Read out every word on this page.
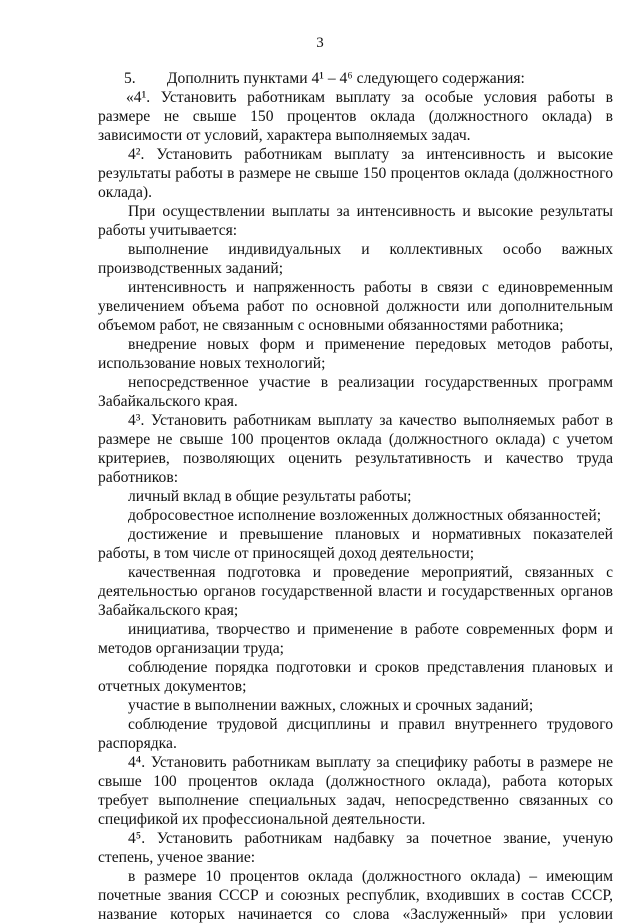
3

5.        Дополнить пунктами 4¹ – 4⁶ следующего содержания:

«4¹. Установить работникам выплату за особые условия работы в размере не свыше 150 процентов оклада (должностного оклада) в зависимости от условий, характера выполняемых задач.

4². Установить работникам выплату за интенсивность и высокие результаты работы в размере не свыше 150 процентов оклада (должностного оклада).

При осуществлении выплаты за интенсивность и высокие результаты работы учитывается:

выполнение индивидуальных и коллективных особо важных производственных заданий;

интенсивность и напряженность работы в связи с единовременным увеличением объема работ по основной должности или дополнительным объемом работ, не связанным с основными обязанностями работника;

внедрение новых форм и применение передовых методов работы, использование новых технологий;

непосредственное участие в реализации государственных программ Забайкальского края.

4³. Установить работникам выплату за качество выполняемых работ в размере не свыше 100 процентов оклада (должностного оклада) с учетом критериев, позволяющих оценить результативность и качество труда работников:

личный вклад в общие результаты работы;

добросовестное исполнение возложенных должностных обязанностей;

достижение и превышение плановых и нормативных показателей работы, в том числе от приносящей доход деятельности;

качественная подготовка и проведение мероприятий, связанных с деятельностью органов государственной власти и государственных органов Забайкальского края;

инициатива, творчество и применение в работе современных форм и методов организации труда;

соблюдение порядка подготовки и сроков представления плановых и отчетных документов;

участие в выполнении важных, сложных и срочных заданий;

соблюдение трудовой дисциплины и правил внутреннего трудового распорядка.

4⁴. Установить работникам выплату за специфику работы в размере не свыше 100 процентов оклада (должностного оклада), работа которых требует выполнение специальных задач, непосредственно связанных со спецификой их профессиональной деятельности.

4⁵. Установить работникам надбавку за почетное звание, ученую степень, ученое звание:

в размере 10 процентов оклада (должностного оклада) – имеющим почетные звания СССР и союзных республик, входивших в состав СССР, название которых начинается со слова «Заслуженный» при условии
